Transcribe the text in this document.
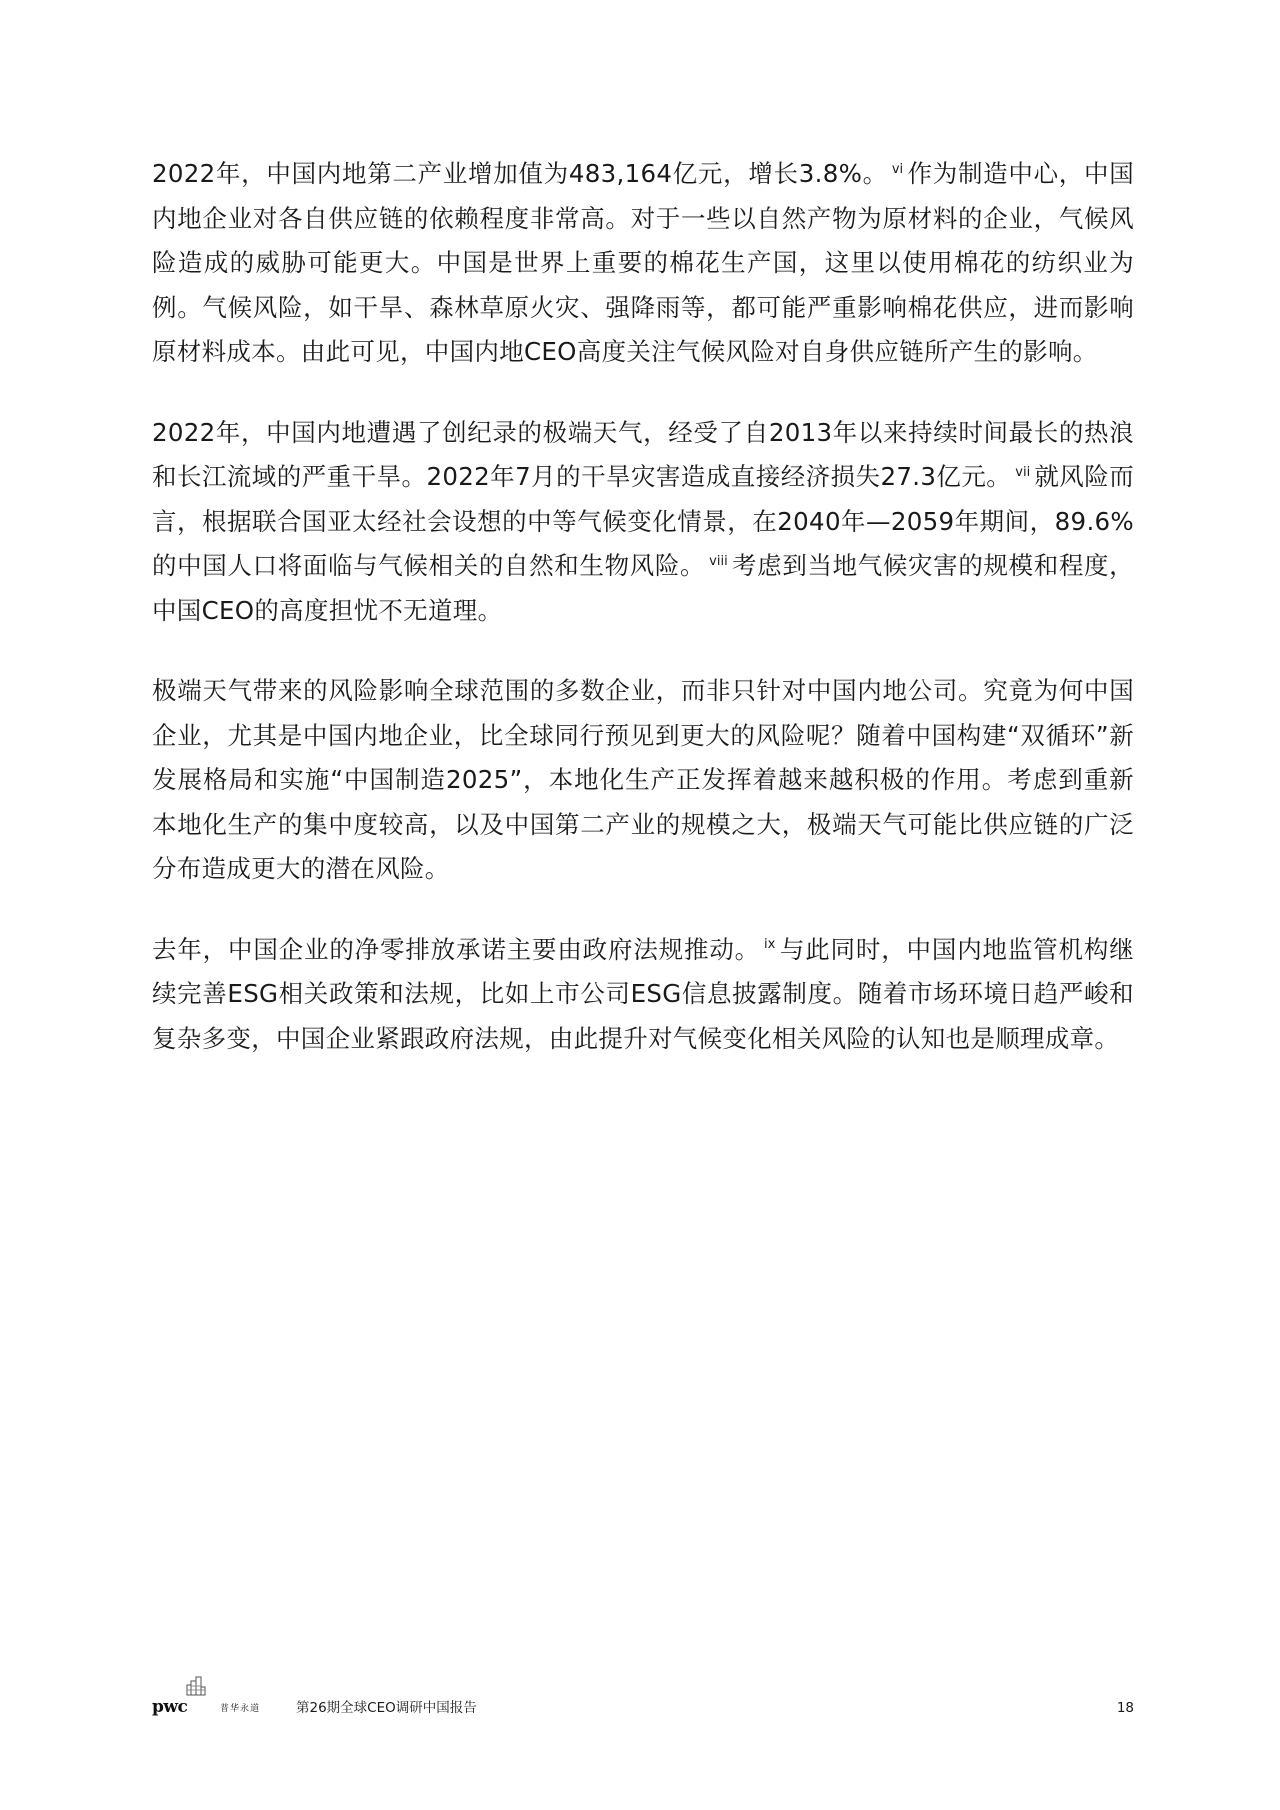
2022年，中国内地第二产业增加值为483,164亿元，增长3.8%。 $^{vi}$ 作为制造中心，中国内地企业对各自供应链的依赖程度非常高。对于一些以自然产物为原材料的企业，气候风险造成的威胁可能更大。中国是世界上重要的棉花生产国，这里以使用棉花的纺织业为例。气候风险，如干旱、森林草原火灾、强降雨等，都可能严重影响棉花供应，进而影响原材料成本。由此可见，中国内地CEO高度关注气候风险对自身供应链所产生的影响。

2022年，中国内地遭遇了创纪录的极端天气，经受了自2013年以来持续时间最长的热浪和长江流域的严重干旱。2022年7月的干旱灾害造成直接经济损失27.3亿元。 $^{vii}$ 就风险而言，根据联合国亚太经社会设想的中等气候变化情景，在2040年—2059年期间，89.6%的中国人口将面临与气候相关的自然和生物风险。 $^{viii}$ 考虑到当地气候灾害的规模和程度，中国CEO的高度担忧不无道理。

极端天气带来的风险影响全球范围的多数企业，而非只针对中国内地公司。究竟为何中国企业，尤其是中国内地企业，比全球同行预见到更大的风险呢？随着中国构建“双循环”新发展格局和实施“中国制造2025”，本地化生产正发挥着越来越积极的作用。考虑到重新本地化生产的集中度较高，以及中国第二产业的规模之大，极端天气可能比供应链的广泛分布造成更大的潜在风险。

去年，中国企业的净零排放承诺主要由政府法规推动。 $^{ix}$ 与此同时，中国内地监管机构继续完善ESG相关政策和法规，比如上市公司ESG信息披露制度。随着市场环境日趋严峻和复杂多变，中国企业紧跟政府法规，由此提升对气候变化相关风险的认知也是顺理成章。

pwc	普华永道	第26期全球CEO调研中国报告	18
